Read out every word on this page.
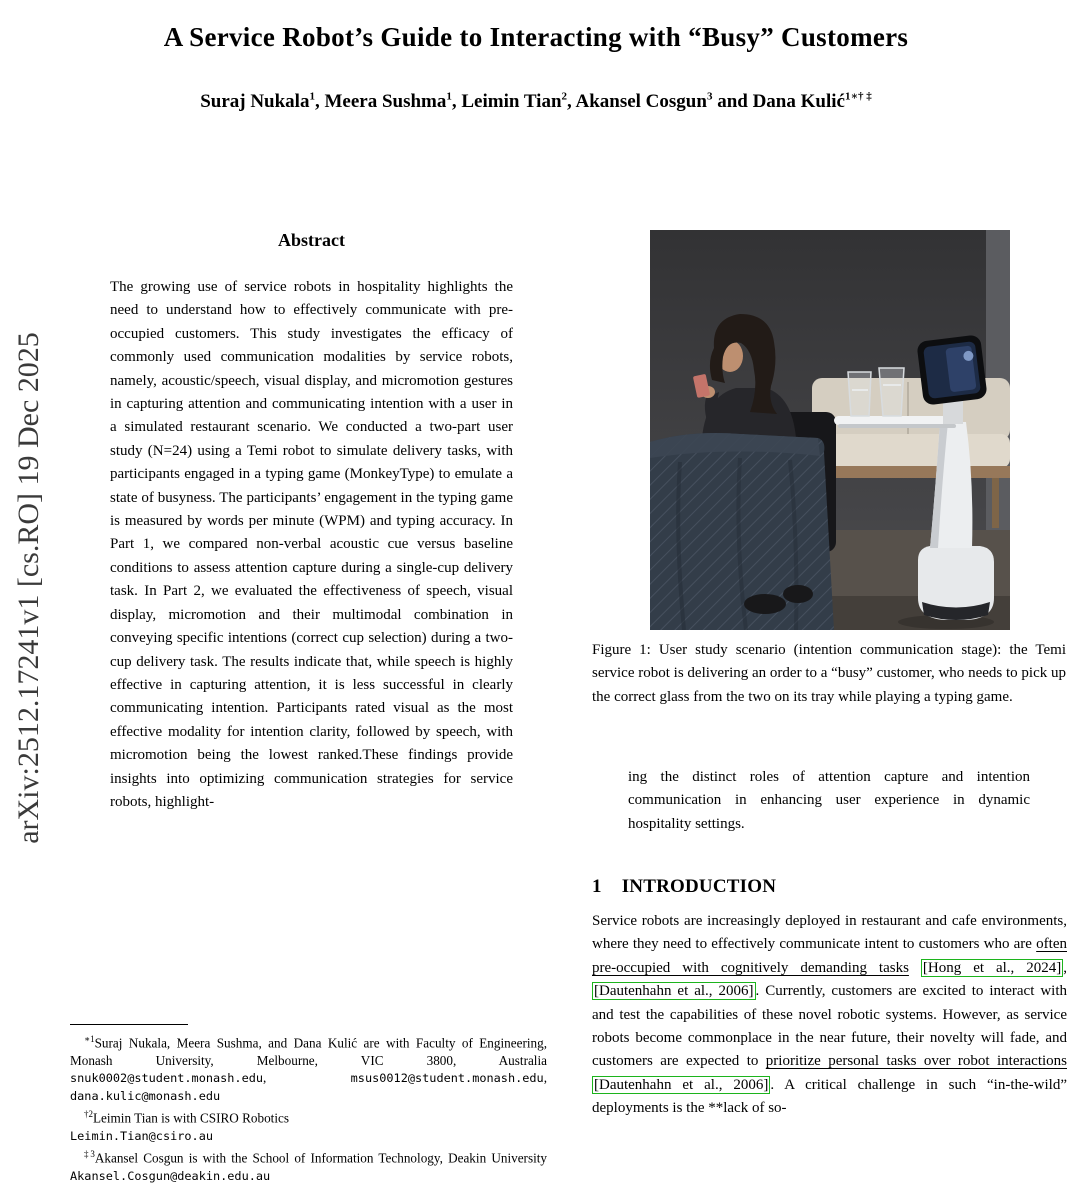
arXiv:2512.17241v1 [cs.RO] 19 Dec 2025
A Service Robot’s Guide to Interacting with “Busy” Customers
Suraj Nukala$^1$, Meera Sushma$^1$, Leimin Tian$^2$, Akansel Cosgun$^3$ and Dana Kulić$^{1∗\dagger \ddagger}$
Abstract

The growing use of service robots in hospitality highlights the need to understand how to effectively communicate with pre-occupied customers. This study investigates the efficacy of commonly used communication modalities by service robots, namely, acoustic/speech, visual display, and micromotion gestures in capturing attention and communicating intention with a user in a simulated restaurant scenario. We conducted a two-part user study (N=24) using a Temi robot to simulate delivery tasks, with participants engaged in a typing game (MonkeyType) to emulate a state of busyness. The participants’ engagement in the typing game is measured by words per minute (WPM) and typing accuracy. In Part 1, we compared non-verbal acoustic cue versus baseline conditions to assess attention capture during a single-cup delivery task. In Part 2, we evaluated the effectiveness of speech, visual display, micromotion and their multimodal combination in conveying specific intentions (correct cup selection) during a two-cup delivery task. The results indicate that, while speech is highly effective in capturing attention, it is less successful in clearly communicating intention. Participants rated visual as the most effective modality for intention clarity, followed by speech, with micromotion being the lowest ranked.These findings provide insights into optimizing communication strategies for service robots, highlight-

$^{∗1}$Suraj Nukala, Meera Sushma, and Dana Kulić are with Faculty of Engineering, Monash University, Melbourne, VIC 3800, Australia snuk0002@student.monash.edu, msus0012@student.monash.edu, dana.kulic@monash.edu

$^{\dagger 2}$Leimin Tian is with CSIRO Robotics
Leimin.Tian@csiro.au

$^{\ddagger 3}$Akansel Cosgun is with the School of Information Technology, Deakin University Akansel.Cosgun@deakin.edu.au

Figure 1: User study scenario (intention communication stage): the Temi service robot is delivering an order to a “busy” customer, who needs to pick up the correct glass from the two on its tray while playing a typing game.

ing the distinct roles of attention capture and intention communication in enhancing user experience in dynamic hospitality settings.

1 INTRODUCTION

Service robots are increasingly deployed in restaurant and cafe environments, where they need to effectively communicate intent to customers who are often pre-occupied with cognitively demanding tasks [Hong et al., 2024] , [Dautenhahn et al., 2006] . Currently, customers are excited to interact with and test the capabilities of these novel robotic systems. However, as service robots become commonplace in the near future, their novelty will fade, and customers are expected to prioritize personal tasks over robot interactions [Dautenhahn et al., 2006] . A critical challenge in such “in-the-wild” deployments is the **lack of so-
